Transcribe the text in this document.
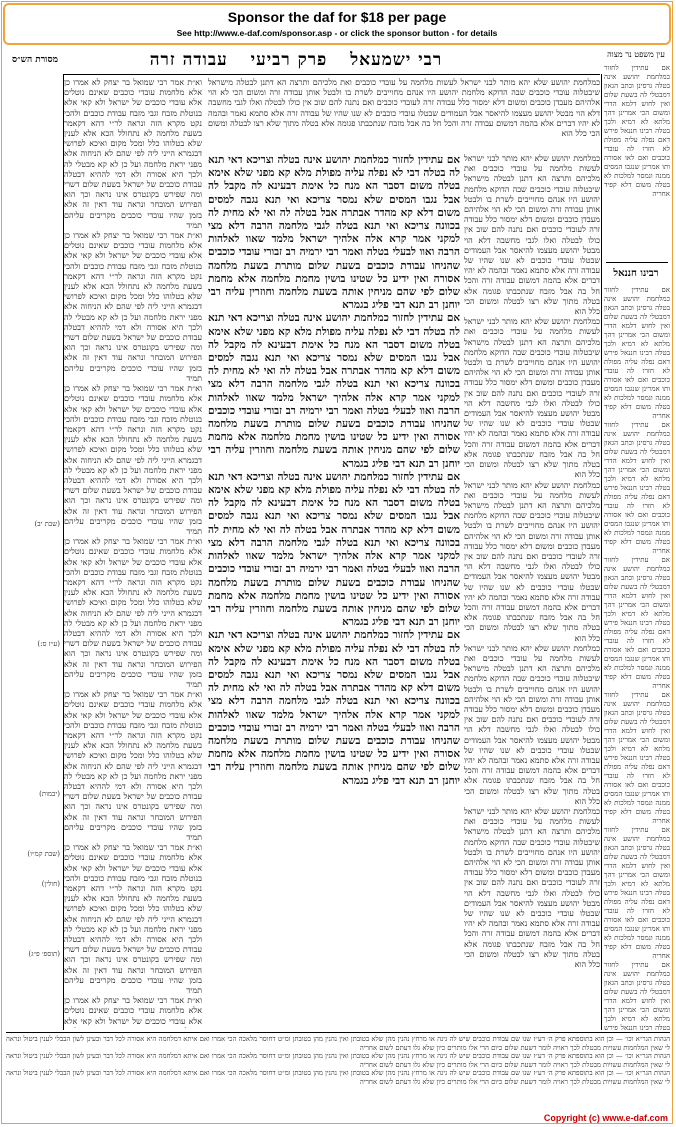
Sponsor the daf for $18 per page
See http://www.e-daf.com/sponsor.asp - or click the sponsor button - for details
מסורת הש״ס
עין משפט נר מצוה
רבי ישמעאל פרק רביעי עבודה זרה

וא״ת אמר רבי שמואל בר יצחק לא אמרו כן אלא מלחמות עובדי כוכבים שאינם נוטלים אלא עובדי כוכבים של ישראל ולא קאי אלא בנוטלת מזבח וגבי מזבח עבודת כוכבים ולהכי נקט מקרא הזה ונראה לר״י דהא דקאמר בשעת מלחמה לא נתחולל הכא אלא לענין שלא בטלוהו כלל ומכל מקום ואיכא לפרושי דבגמרא הייני ליה לפי שהם לא הניחוה אלא מפני יראת מלחמה ועל כן לא קא מבטלי לה ולכך היא אסורה ולא דמי לההיא דבטלה עבודת כוכבים של ישראל בשעת שלום דשרי ומה שפירש בקונטרס אינו נראה וכך הוא הפירוש המובחר ונראה עוד דאין זה אלא בזמן שהיו עובדי כוכבים מקריבים עליהם תמיד

וא״ת אמר רבי שמואל בר יצחק לא אמרו כן אלא מלחמות עובדי כוכבים שאינם נוטלים אלא עובדי כוכבים של ישראל ולא קאי אלא בנוטלת מזבח וגבי מזבח עבודת כוכבים ולהכי נקט מקרא הזה ונראה לר״י דהא דקאמר בשעת מלחמה לא נתחולל הכא אלא לענין שלא בטלוהו כלל ומכל מקום ואיכא לפרושי דבגמרא הייני ליה לפי שהם לא הניחוה אלא מפני יראת מלחמה ועל כן לא קא מבטלי לה ולכך היא אסורה ולא דמי לההיא דבטלה עבודת כוכבים של ישראל בשעת שלום דשרי ומה שפירש בקונטרס אינו נראה וכך הוא הפירוש המובחר ונראה עוד דאין זה אלא בזמן שהיו עובדי כוכבים מקריבים עליהם תמיד

וא״ת אמר רבי שמואל בר יצחק לא אמרו כן אלא מלחמות עובדי כוכבים שאינם נוטלים אלא עובדי כוכבים של ישראל ולא קאי אלא בנוטלת מזבח וגבי מזבח עבודת כוכבים ולהכי נקט מקרא הזה ונראה לר״י דהא דקאמר בשעת מלחמה לא נתחולל הכא אלא לענין שלא בטלוהו כלל ומכל מקום ואיכא לפרושי דבגמרא הייני ליה לפי שהם לא הניחוה אלא מפני יראת מלחמה ועל כן לא קא מבטלי לה ולכך היא אסורה ולא דמי לההיא דבטלה עבודת כוכבים של ישראל בשעת שלום דשרי ומה שפירש בקונטרס אינו נראה וכך הוא הפירוש המובחר ונראה עוד דאין זה אלא בזמן שהיו עובדי כוכבים מקריבים עליהם תמיד

וא״ת אמר רבי שמואל בר יצחק לא אמרו כן אלא מלחמות עובדי כוכבים שאינם נוטלים אלא עובדי כוכבים של ישראל ולא קאי אלא בנוטלת מזבח וגבי מזבח עבודת כוכבים ולהכי נקט מקרא הזה ונראה לר״י דהא דקאמר בשעת מלחמה לא נתחולל הכא אלא לענין שלא בטלוהו כלל ומכל מקום ואיכא לפרושי דבגמרא הייני ליה לפי שהם לא הניחוה אלא מפני יראת מלחמה ועל כן לא קא מבטלי לה ולכך היא אסורה ולא דמי לההיא דבטלה עבודת כוכבים של ישראל בשעת שלום דשרי ומה שפירש בקונטרס אינו נראה וכך הוא הפירוש המובחר ונראה עוד דאין זה אלא בזמן שהיו עובדי כוכבים מקריבים עליהם תמיד

וא״ת אמר רבי שמואל בר יצחק לא אמרו כן אלא מלחמות עובדי כוכבים שאינם נוטלים אלא עובדי כוכבים של ישראל ולא קאי אלא בנוטלת מזבח וגבי מזבח עבודת כוכבים ולהכי נקט מקרא הזה ונראה לר״י דהא דקאמר בשעת מלחמה לא נתחולל הכא אלא לענין שלא בטלוהו כלל ומכל מקום ואיכא לפרושי דבגמרא הייני ליה לפי שהם לא הניחוה אלא מפני יראת מלחמה ועל כן לא קא מבטלי לה ולכך היא אסורה ולא דמי לההיא דבטלה עבודת כוכבים של ישראל בשעת שלום דשרי ומה שפירש בקונטרס אינו נראה וכך הוא הפירוש המובחר ונראה עוד דאין זה אלא בזמן שהיו עובדי כוכבים מקריבים עליהם תמיד

וא״ת אמר רבי שמואל בר יצחק לא אמרו כן אלא מלחמות עובדי כוכבים שאינם נוטלים אלא עובדי כוכבים של ישראל ולא קאי אלא בנוטלת מזבח וגבי מזבח עבודת כוכבים ולהכי נקט מקרא הזה ונראה לר״י דהא דקאמר בשעת מלחמה לא נתחולל הכא אלא לענין שלא בטלוהו כלל ומכל מקום ואיכא לפרושי דבגמרא הייני ליה לפי שהם לא הניחוה אלא מפני יראת מלחמה ועל כן לא קא מבטלי לה ולכך היא אסורה ולא דמי לההיא דבטלה עבודת כוכבים של ישראל בשעת שלום דשרי ומה שפירש בקונטרס אינו נראה וכך הוא הפירוש המובחר ונראה עוד דאין זה אלא בזמן שהיו עובדי כוכבים מקריבים עליהם תמיד

וא״ת אמר רבי שמואל בר יצחק לא אמרו כן אלא מלחמות עובדי כוכבים שאינם נוטלים אלא עובדי כוכבים של ישראל ולא קאי אלא

אם עתידין לחזור כמלחמת יהושע אינה בטלה וצריכא דאי תנא לה בטלה דבי לא נפלה עליה מפולת מלא קא מפני שלא אימא בטלה משום דסבר הא מנח כל אימת דבעינא לה מקבל לה אבל נגבו המסים שלא נמסר צריכא ואי תנא נגבה למסים משום דלא קא מהדר אבתרה אבל בטלה לה ואי לא מחית לה בכוונה צריכא ואי תנא בטלה לגבי מלחמה הרבה דלא מצי למקני אמר קרא אלה אלהיך ישראל מלמד שאוו לאלהות הרבה ואוו לבעלי בטלה ואמר רבי ירמיה רב זבורי עובדי כוכבים שהניחו עבודת כוכבים בשעת שלום מותרת בשעת מלחמה אסורה ואין ידיע כל שטינו בושין מחמת מלחמה אלא מחמת שלום לפי שהם מניחין אותה בשעת מלחמה וחוזרין עליה רבי יוחנן רב תנא דבי פליג בגמרא

אם עתידין לחזור כמלחמת יהושע אינה בטלה וצריכא דאי תנא לה בטלה דבי לא נפלה עליה מפולת מלא קא מפני שלא אימא בטלה משום דסבר הא מנח כל אימת דבעינא לה מקבל לה אבל נגבו המסים שלא נמסר צריכא ואי תנא נגבה למסים משום דלא קא מהדר אבתרה אבל בטלה לה ואי לא מחית לה בכוונה צריכא ואי תנא בטלה לגבי מלחמה הרבה דלא מצי למקני אמר קרא אלה אלהיך ישראל מלמד שאוו לאלהות הרבה ואוו לבעלי בטלה ואמר רבי ירמיה רב זבורי עובדי כוכבים שהניחו עבודת כוכבים בשעת שלום מותרת בשעת מלחמה אסורה ואין ידיע כל שטינו בושין מחמת מלחמה אלא מחמת שלום לפי שהם מניחין אותה בשעת מלחמה וחוזרין עליה רבי יוחנן רב תנא דבי פליג בגמרא

אם עתידין לחזור כמלחמת יהושע אינה בטלה וצריכא דאי תנא לה בטלה דבי לא נפלה עליה מפולת מלא קא מפני שלא אימא בטלה משום דסבר הא מנח כל אימת דבעינא לה מקבל לה אבל נגבו המסים שלא נמסר צריכא ואי תנא נגבה למסים משום דלא קא מהדר אבתרה אבל בטלה לה ואי לא מחית לה בכוונה צריכא ואי תנא בטלה לגבי מלחמה הרבה דלא מצי למקני אמר קרא אלה אלהיך ישראל מלמד שאוו לאלהות הרבה ואוו לבעלי בטלה ואמר רבי ירמיה רב זבורי עובדי כוכבים שהניחו עבודת כוכבים בשעת שלום מותרת בשעת מלחמה אסורה ואין ידיע כל שטינו בושין מחמת מלחמה אלא מחמת שלום לפי שהם מניחין אותה בשעת מלחמה וחוזרין עליה רבי יוחנן רב תנא דבי פליג בגמרא

אם עתידין לחזור כמלחמת יהושע אינה בטלה וצריכא דאי תנא לה בטלה דבי לא נפלה עליה מפולת מלא קא מפני שלא אימא בטלה משום דסבר הא מנח כל אימת דבעינא לה מקבל לה אבל נגבו המסים שלא נמסר צריכא ואי תנא נגבה למסים משום דלא קא מהדר אבתרה אבל בטלה לה ואי לא מחית לה בכוונה צריכא ואי תנא בטלה לגבי מלחמה הרבה דלא מצי למקני אמר קרא אלה אלהיך ישראל מלמד שאוו לאלהות הרבה ואוו לבעלי בטלה ואמר רבי ירמיה רב זבורי עובדי כוכבים שהניחו עבודת כוכבים בשעת שלום מותרת בשעת מלחמה אסורה ואין ידיע כל שטינו בושין מחמת מלחמה אלא מחמת שלום לפי שהם מניחין אותה בשעת מלחמה וחוזרין עליה רבי יוחנן רב תנא דבי פליג בגמרא

כמלחמת יהושע שלא יהא מותר לבני ישראל לעשות מלחמה על עובדי כוכבים ואת מלכיהם ותרצה הא דתנן לבטלה מישראל שיבטלוה עובדי כוכבים שבה הדוקא מלחמת יהושע היו אנהם מחוייבים לשרת בו ולבטל אותן עבודה זרה ומשום הכי לא הוי אלהיהם מעבדן כוכבים ומשום דלא ימסור כלל עבודה זרה לעובדי כוכבים ואם נתנה להם שוב אין כולו לבטלה ואלו לגבי מחשבה דלא הוי מבטל יהושע מעצמו להיאסר אבל העמודים שבטלו עובדי כוכבים לא שנו שהיו של עבודה זרה אלא סתמא נאמר ובהמה לא יהיו דברים אלא בהמה דמשום עבודה זרה והכל חל בה אבל מזבח שנתכבתו פגומה אלא בטלה מתוך שלא רצו לבטלה ומשום הכי כלל הוא

כמלחמת יהושע שלא יהא מותר לבני ישראל לעשות מלחמה על עובדי כוכבים ואת מלכיהם ותרצה הא דתנן לבטלה מישראל שיבטלוה עובדי כוכבים שבה הדוקא מלחמת יהושע היו אנהם מחוייבים לשרת בו ולבטל אותן עבודה זרה ומשום הכי לא הוי אלהיהם מעבדן כוכבים ומשום דלא ימסור כלל עבודה זרה לעובדי כוכבים ואם נתנה להם שוב אין כולו לבטלה ואלו לגבי מחשבה דלא הוי מבטל יהושע מעצמו להיאסר אבל העמודים שבטלו עובדי כוכבים לא שנו שהיו של עבודה זרה אלא סתמא נאמר ובהמה לא יהיו דברים אלא בהמה דמשום עבודה זרה והכל חל בה אבל מזבח שנתכבתו פגומה אלא בטלה מתוך שלא רצו לבטלה ומשום הכי כלל הוא

כמלחמת יהושע שלא יהא מותר לבני ישראל לעשות מלחמה על עובדי כוכבים ואת מלכיהם ותרצה הא דתנן לבטלה מישראל שיבטלוה עובדי כוכבים שבה הדוקא מלחמת יהושע היו אנהם מחוייבים לשרת בו ולבטל אותן עבודה זרה ומשום הכי לא הוי אלהיהם מעבדן כוכבים ומשום דלא ימסור כלל עבודה זרה לעובדי כוכבים ואם נתנה להם שוב אין כולו לבטלה ואלו לגבי מחשבה דלא הוי מבטל יהושע מעצמו להיאסר אבל העמודים שבטלו עובדי כוכבים לא שנו שהיו של עבודה זרה אלא סתמא נאמר ובהמה לא יהיו דברים אלא בהמה דמשום עבודה זרה והכל חל בה אבל מזבח שנתכבתו פגומה אלא בטלה מתוך שלא רצו לבטלה ומשום הכי כלל הוא

כמלחמת יהושע שלא יהא מותר לבני ישראל לעשות מלחמה על עובדי כוכבים ואת מלכיהם ותרצה הא דתנן לבטלה מישראל שיבטלוה עובדי כוכבים שבה הדוקא מלחמת יהושע היו אנהם מחוייבים לשרת בו ולבטל אותן עבודה זרה ומשום הכי לא הוי אלהיהם מעבדן כוכבים ומשום דלא ימסור כלל עבודה זרה לעובדי כוכבים ואם נתנה להם שוב אין כולו לבטלה ואלו לגבי מחשבה דלא הוי מבטל יהושע מעצמו להיאסר אבל העמודים שבטלו עובדי כוכבים לא שנו שהיו של עבודה זרה אלא סתמא נאמר ובהמה לא יהיו דברים אלא בהמה דמשום עבודה זרה והכל חל בה אבל מזבח שנתכבתו פגומה אלא בטלה מתוך שלא רצו לבטלה ומשום הכי כלל הוא

כמלחמת יהושע שלא יהא מותר לבני ישראל לעשות מלחמה על עובדי כוכבים ואת מלכיהם ותרצה הא דתנן לבטלה מישראל שיבטלוה עובדי כוכבים שבה הדוקא מלחמת יהושע היו אנהם מחוייבים לשרת בו ולבטל אותן עבודה זרה ומשום הכי לא הוי אלהיהם מעבדן כוכבים ומשום דלא ימסור כלל עבודה זרה לעובדי כוכבים ואם נתנה להם שוב אין כולו לבטלה ואלו לגבי מחשבה דלא הוי מבטל יהושע מעצמו להיאסר אבל העמודים שבטלו עובדי כוכבים לא שנו שהיו של עבודה זרה אלא סתמא נאמר ובהמה לא יהיו דברים אלא בהמה דמשום עבודה זרה והכל חל בה אבל מזבח שנתכבתו פגומה אלא בטלה מתוך שלא רצו לבטלה ומשום הכי כלל הוא

כמלחמת יהושע שלא יהא מותר לבני ישראל לעשות מלחמה על עובדי כוכבים ואת מלכיהם ותרצה הא דתנן לבטלה מישראל שיבטלוה עובדי כוכבים שבה הדוקא מלחמת יהושע היו אנהם מחוייבים לשרת בו ולבטל אותן עבודה זרה ומשום הכי לא הוי אלהיהם מעבדן כוכבים ומשום דלא ימסור כלל עבודה זרה לעובדי כוכבים ואם נתנה להם שוב אין כולו לבטלה ואלו לגבי מחשבה דלא הוי מבטל יהושע מעצמו להיאסר אבל העמודים שבטלו עובדי כוכבים לא שנו שהיו של עבודה זרה אלא סתמא נאמר ובהמה לא יהיו דברים אלא בהמה דמשום עבודה זרה והכל חל בה אבל מזבח שנתכבתו פגומה אלא בטלה מתוך שלא רצו לבטלה ומשום הכי כלל הוא

אם עתידין לחזור כמלחמת יהושע אינה בטלה גרסינן וכתב הגאון דמבטלי לה בשעת שלום ואין לחוש דלמא הדרי ומשום הכי אמרינן דהך מלתא לא דמיא ולכך בטלה רבינו חננאל פירש דאם נפלה עליה מפולת לא חזרו לה עובדי כוכבים ואם לאו אסורה ותו אמרינן שנגבו המסים ממנה ונמסר למלכות לא בטלה משום דלא קפיד אחריה

רבינו חננאל

אם עתידין לחזור כמלחמת יהושע אינה בטלה גרסינן וכתב הגאון דמבטלי לה בשעת שלום ואין לחוש דלמא הדרי ומשום הכי אמרינן דהך מלתא לא דמיא ולכך בטלה רבינו חננאל פירש דאם נפלה עליה מפולת לא חזרו לה עובדי כוכבים ואם לאו אסורה ותו אמרינן שנגבו המסים ממנה ונמסר למלכות לא בטלה משום דלא קפיד אחריה

אם עתידין לחזור כמלחמת יהושע אינה בטלה גרסינן וכתב הגאון דמבטלי לה בשעת שלום ואין לחוש דלמא הדרי ומשום הכי אמרינן דהך מלתא לא דמיא ולכך בטלה רבינו חננאל פירש דאם נפלה עליה מפולת לא חזרו לה עובדי כוכבים ואם לאו אסורה ותו אמרינן שנגבו המסים ממנה ונמסר למלכות לא בטלה משום דלא קפיד אחריה

אם עתידין לחזור כמלחמת יהושע אינה בטלה גרסינן וכתב הגאון דמבטלי לה בשעת שלום ואין לחוש דלמא הדרי ומשום הכי אמרינן דהך מלתא לא דמיא ולכך בטלה רבינו חננאל פירש דאם נפלה עליה מפולת לא חזרו לה עובדי כוכבים ואם לאו אסורה ותו אמרינן שנגבו המסים ממנה ונמסר למלכות לא בטלה משום דלא קפיד אחריה

אם עתידין לחזור כמלחמת יהושע אינה בטלה גרסינן וכתב הגאון דמבטלי לה בשעת שלום ואין לחוש דלמא הדרי ומשום הכי אמרינן דהך מלתא לא דמיא ולכך בטלה רבינו חננאל פירש דאם נפלה עליה מפולת לא חזרו לה עובדי כוכבים ואם לאו אסורה ותו אמרינן שנגבו המסים ממנה ונמסר למלכות לא בטלה משום דלא קפיד אחריה

אם עתידין לחזור כמלחמת יהושע אינה בטלה גרסינן וכתב הגאון דמבטלי לה בשעת שלום ואין לחוש דלמא הדרי ומשום הכי אמרינן דהך מלתא לא דמיא ולכך בטלה רבינו חננאל פירש דאם נפלה עליה מפולת לא חזרו לה עובדי כוכבים ואם לאו אסורה ותו אמרינן שנגבו המסים ממנה ונמסר למלכות לא בטלה משום דלא קפיד אחריה

אם עתידין לחזור כמלחמת יהושע אינה בטלה גרסינן וכתב הגאון דמבטלי לה בשעת שלום ואין לחוש דלמא הדרי ומשום הכי אמרינן דהך מלתא לא דמיא ולכך בטלה רבינו חננאל פירש

(שבת יב)
(ע״ז ס:)
(יבמות)
(שבת קמ״ו)
(חולין)
(תוספ׳ פ״ג)

הגהות הגר״א וכו׳ — וכן הוא בתוספתא פרק ה׳ דע״ז שנו שם עבודת כוכבים שיש לה גינה או מרחץ נהנין מהן שלא בטובתן ואין נהנין מהן בטובתן ומ״ט דחוסר מלאכה הכי אמרו ואם איתא דמלחמה היא אסורה לכל דבר ובעינן לשון הבבלי לענין ביטול ונראה לי שאין המלחמות עשויות מבטלת לכך ראויה לומר דשעת שלום כיום הרי אלו מותרים כיון שלא גלו דעתם לשום אחריה

הגהות הגר״א וכו׳ — וכן הוא בתוספתא פרק ה׳ דע״ז שנו שם עבודת כוכבים שיש לה גינה או מרחץ נהנין מהן שלא בטובתן ואין נהנין מהן בטובתן ומ״ט דחוסר מלאכה הכי אמרו ואם איתא דמלחמה היא אסורה לכל דבר ובעינן לשון הבבלי לענין ביטול ונראה לי שאין המלחמות עשויות מבטלת לכך ראויה לומר דשעת שלום כיום הרי אלו מותרים כיון שלא גלו דעתם לשום אחריה

הגהות הגר״א וכו׳ — וכן הוא בתוספתא פרק ה׳ דע״ז שנו שם עבודת כוכבים שיש לה גינה או מרחץ נהנין מהן שלא בטובתן ואין נהנין מהן בטובתן ומ״ט דחוסר מלאכה הכי אמרו ואם איתא דמלחמה היא אסורה לכל דבר ובעינן לשון הבבלי לענין ביטול ונראה לי שאין המלחמות עשויות מבטלת לכך ראויה לומר דשעת שלום כיום הרי אלו מותרים כיון שלא גלו דעתם לשום אחריה

Copyright (c) www.e-daf.com
